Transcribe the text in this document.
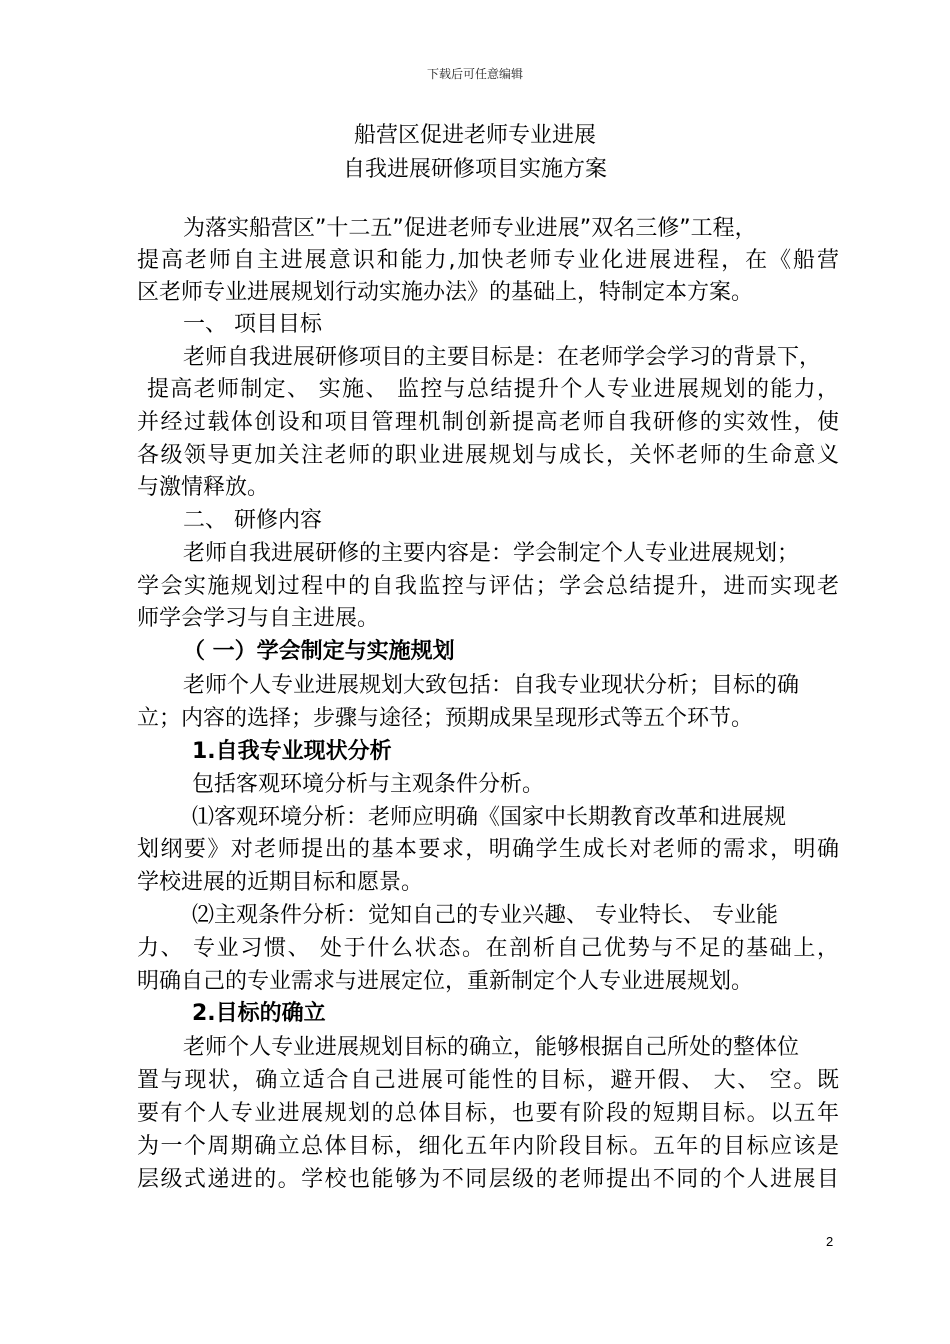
下载后可任意编辑
船营区促进老师专业进展
自我进展研修项目实施方案
为落实船营区”十二五”促进老师专业进展”双名三修”工程，
提高老师自主进展意识和能力,加快老师专业化进展进程，在《船营
区老师专业进展规划行动实施办法》的基础上，特制定本方案。
一、 项目目标
老师自我进展研修项目的主要目标是：在老师学会学习的背景下，
提高老师制定、 实施、 监控与总结提升个人专业进展规划的能力，
并经过载体创设和项目管理机制创新提高老师自我研修的实效性，使
各级领导更加关注老师的职业进展规划与成长，关怀老师的生命意义
与激情释放。
二、 研修内容
老师自我进展研修的主要内容是：学会制定个人专业进展规划；
学会实施规划过程中的自我监控与评估；学会总结提升，进而实现老
师学会学习与自主进展。
（ 一）学会制定与实施规划
老师个人专业进展规划大致包括：自我专业现状分析；目标的确
立；内容的选择；步骤与途径；预期成果呈现形式等五个环节。
1.自我专业现状分析
包括客观环境分析与主观条件分析。
⑴客观环境分析：老师应明确《国家中长期教育改革和进展规
划纲要》对老师提出的基本要求，明确学生成长对老师的需求，明确
学校进展的近期目标和愿景。
⑵主观条件分析：觉知自己的专业兴趣、 专业特长、 专业能
力、 专业习惯、 处于什么状态。在剖析自己优势与不足的基础上，
明确自己的专业需求与进展定位，重新制定个人专业进展规划。
2.目标的确立
老师个人专业进展规划目标的确立，能够根据自己所处的整体位
置与现状，确立适合自己进展可能性的目标，避开假、 大、 空。既
要有个人专业进展规划的总体目标，也要有阶段的短期目标。以五年
为一个周期确立总体目标，细化五年内阶段目标。五年的目标应该是
层级式递进的。学校也能够为不同层级的老师提出不同的个人进展目
2
